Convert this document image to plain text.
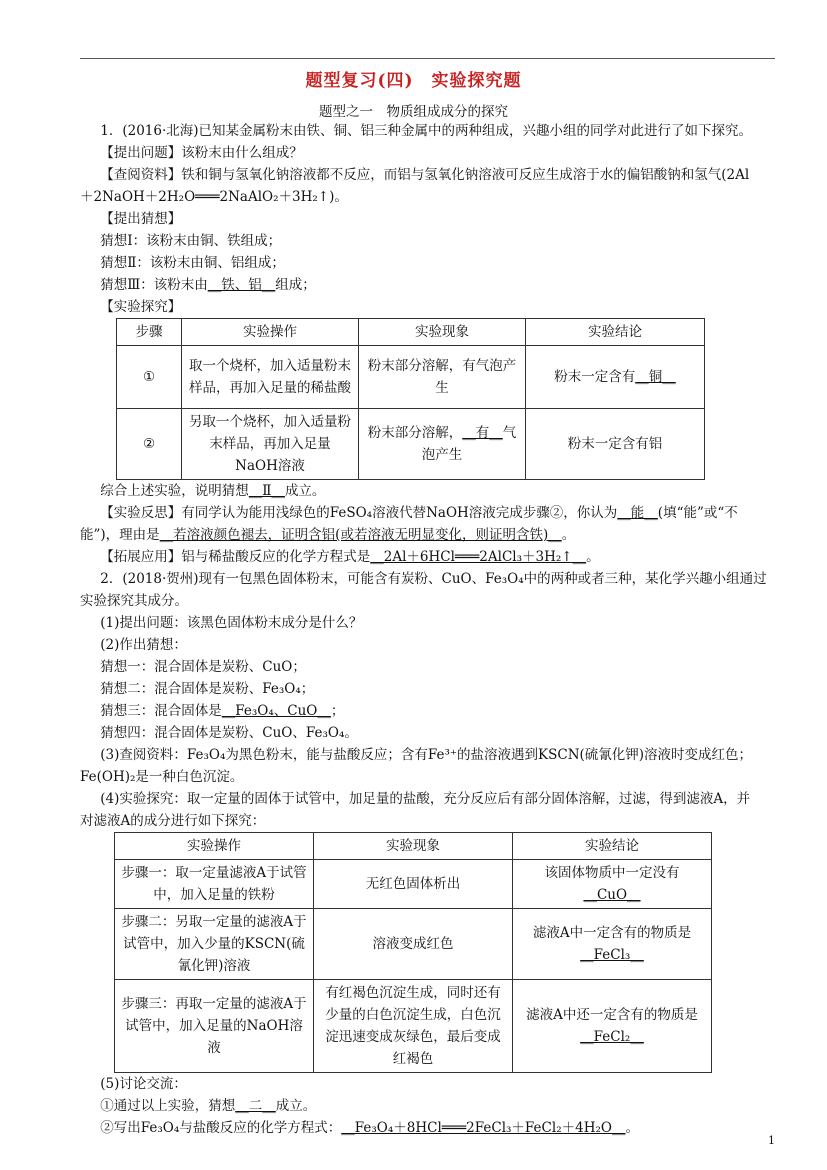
题型复习(四)　实验探究题
题型之一　物质组成成分的探究

1．(2016·北海)已知某金属粉末由铁、铜、铝三种金属中的两种组成，兴趣小组的同学对此进行了如下探究。

【提出问题】该粉末由什么组成？

【查阅资料】铁和铜与氢氧化钠溶液都不反应，而铝与氢氧化钠溶液可反应生成溶于水的偏铝酸钠和氢气(2Al

＋2NaOH＋2H₂O═══2NaAlO₂＋3H₂↑)。

【提出猜想】

猜想Ⅰ：该粉末由铜、铁组成；

猜想Ⅱ：该粉末由铜、铝组成；

猜想Ⅲ：该粉末由__铁、铝__组成；

【实验探究】

步骤	实验操作	实验现象	实验结论
①	取一个烧杯，加入适量粉末样品，再加入足量的稀盐酸	粉末部分溶解，有气泡产生	粉末一定含有__铜__
②	另取一个烧杯，加入适量粉末样品，再加入足量NaOH溶液	粉末部分溶解，__有__气泡产生	粉末一定含有铝

综合上述实验，说明猜想__Ⅱ__成立。

【实验反思】有同学认为能用浅绿色的FeSO₄溶液代替NaOH溶液完成步骤②，你认为__能__(填“能”或“不能”)，理由是__若溶液颜色褪去，证明含铝(或若溶液无明显变化，则证明含铁)__。

【拓展应用】铝与稀盐酸反应的化学方程式是__2Al＋6HCl═══2AlCl₃＋3H₂↑__。

2．(2018·贺州)现有一包黑色固体粉末，可能含有炭粉、CuO、Fe₃O₄中的两种或者三种，某化学兴趣小组通过

实验探究其成分。

(1)提出问题：该黑色固体粉末成分是什么？

(2)作出猜想：

猜想一：混合固体是炭粉、CuO；

猜想二：混合固体是炭粉、Fe₃O₄；

猜想三：混合固体是__Fe₃O₄、CuO__；

猜想四：混合固体是炭粉、CuO、Fe₃O₄。

(3)查阅资料：Fe₃O₄为黑色粉末，能与盐酸反应；含有Fe³⁺的盐溶液遇到KSCN(硫氰化钾)溶液时变成红色；

Fe(OH)₂是一种白色沉淀。

(4)实验探究：取一定量的固体于试管中，加足量的盐酸，充分反应后有部分固体溶解，过滤，得到滤液A，并

对滤液A的成分进行如下探究：

实验操作	实验现象	实验结论
步骤一：取一定量滤液A于试管中，加入足量的铁粉	无红色固体析出	该固体物质中一定没有
__CuO__
步骤二：另取一定量的滤液A于试管中，加入少量的KSCN(硫氰化钾)溶液	溶液变成红色	滤液A中一定含有的物质是
__FeCl₃__
步骤三：再取一定量的滤液A于试管中，加入足量的NaOH溶液	有红褐色沉淀生成，同时还有少量的白色沉淀生成，白色沉淀迅速变成灰绿色，最后变成红褐色	滤液A中还一定含有的物质是
__FeCl₂__

(5)讨论交流：

①通过以上实验，猜想__二__成立。

②写出Fe₃O₄与盐酸反应的化学方程式：__Fe₃O₄＋8HCl═══2FeCl₃＋FeCl₂＋4H₂O__。

1
